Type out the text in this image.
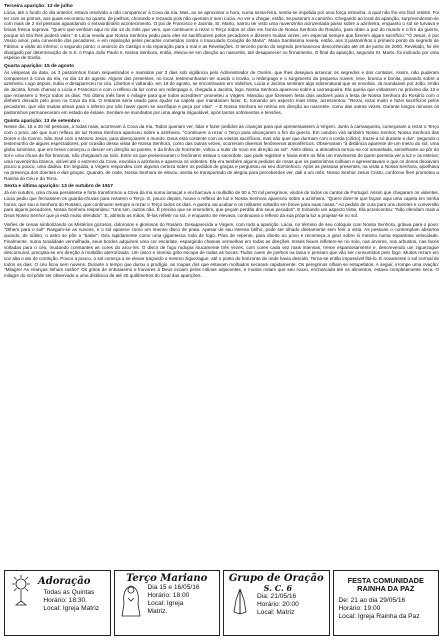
Terceira aparição: 13 de julho

Lúcia, até o fundo do dia anterior, estava resolvida a não comparecer à Cova da Iria. Mas, ao se aproximar a hora, numa sexta-feira, sentiu-se impelida por uma força estranha, à qual não lhe era fácil resistir. Foi ter com os primos, aos quais encontrou no quarto, de joelhos, chorando e rezando pois não queriam ir sem Lúcia. Ao ver a chegar, então, se puseram a caminho. Chegando ao local da aparição, surpreenderam-se com mais de 2 mil pessoas aguardando o extraordinário acontecimento. O pai de Francisco e Jacinta, Sr. Marto, narrou ter visto uma nuvenzinha acinzentada pairar sobre a azinheira, enquanto o sol se turvava e brisas fresca soprava. "Quero que venham aqui no dia 13 do mês que vem, que continuem a rezar o Terço todos os dias em honra de Nossa Senhora do Rosário, para obter a paz do mundo e o fim da guerra, porque só Ela lhes poderá valer." E Lúcia revela que Nossa Senhora pediu para eles se sacrificarem pelos pecadores e dizerem muitas vezes, em especial sempre que fizerem algum sacrifício: "Ó Jesus, é por Vosso amor, pela conversão dos pecadores, e em reparação pelos pecados cometidos contra o Imaculado Coração de Maria". Maria Santíssima revela, então, aos 3 pastorinhos o primeiro ponto do segredo de Fátima: a visão do inferno; o segundo ponto: o anúncio do Castigo e da reparação para o mal e as Revelações. O terceiro ponto do segredo permaneceu desconhecido até 26 de junho de 2000. Revelado, foi ele divulgado por determinação de S.S. o Papa João Paulo II. Nossa Senhora, então, elevou-se em direção ao nascente, até desaparecer no firmamento. O final da aparição, segundo Sr. Marto, foi indicado por uma espécie de trovão.

Quarta aparição: 15 de agosto

Às vésperas da data, os 3 pastorinhos foram sequestrados e mantidos por 3 dias sob vigilância pelo Administrador de Ourém, que lhes desejava arrancar os segredos e dos contatos. Assim, não puderam comparecer à Cova da Iria, no dia 13 de agosto. Alguns dos presentes, no local, testemunharam ter ouvido o trovão, o relâmpago e o surgimento da pequena nuvem, leve, branca e bonita, pairando sobre a azinheira. Logo depois, subiu e desapareceu no céu. Libertos e voltando, em 19 de agosto, se encontravam em Valinhos, Lúcia e Jacinta sentiram algo sobrenatural que os envolvia. Já mandaram por João, irmão de Jacinta, foram chamar a Lúcia e Francisco e com o reflexo da luz como um relâmpago e, chegada a Jacinta, logo, Nossa Senhora apareceu sobre a carrasqueira. Ela queria que voltassem no próximo dia 13 e que rezassem o Terço todos os dias. "No último mês farei o milagre para que todos acreditem" prometeu a Virgem. Mandou que fizessem festa dois andores para a festa de Nossa Senhora do Rosário com o dinheiro deixado pelo povo na Cova da Iria. O restante seria usado para ajudar na capela que mandariam fazer. E, tomando um aspecto mais triste, acrescentou: "Rezai, rezai muito e fazei sacrifícios pelos pecadores, que vão muitas almas para o inferno por não haver quem se sacrifique e peça por elas". – E Nossa Senhora se retirou em direção ao nascente, como das outras vezes. Durante longos minutos os pastorinhos permaneceram em estado de êxtase. Sentiam-se inundados por uma alegria inigualável, após tantos sofrimentos e tensões.

Quinta aparição: 13 de setembro

Nesse dia, 15 a 20 mil pessoas, a todas mais, acorreram à Cova da Iria. Todos queriam ver, falar e fazer pedidos às crianças para que apresentassem à Virgem. Junto à carrasqueira, começaram a rezar o Terço com o povo, até que num reflexo de luz Nossa Senhora apareceu sobre a azinheira. "Continuem a rezar o Terço para alcançarem o fim da guerra. Em outubro virá também Nosso Senhor, Nossa Senhora das Dores e do Carmo, São José com o Menino Jesus, para abençoarem o mundo. Deus está contente com os vossos sacrifícios, mas não quer que durmam com a corda (cilício), trazei-a só durante o dia". Segundo o testemunho de alguns espectadores, por ocasião dessa visita de Nossa Senhora, como das outras vezes, ocorreram diversos fenômenos atmosféricos. Observaram "à distância aparente de um metro do sol, uma globo luminoso, que em breve começou a descer em direção ao poente, e da linha do horizonte, voltou a subir de novo em direção ao sol". Além disso, a atmosfera tornou-se cor amarelada, semelhante ao pôr do sol e uma chuva de flor brancas, não chegavam ao solo. Entre os que presenciaram o fenômeno estava o sacerdote, que pode registrar e havia entre os fiéis um movimento de quem permitia ver a luz e os esteios; uma nuvenzinha branca, visível até o extremo da Cova, envolvia a azinheira e aparecia os videntes. Ela era também alguns pedidos de rosas que os pastorinhos colhiam e apresentavam e que os donos deixavam pouco a pouco, uma dádiva. Em seguida, a Virgem respondeu com alguma certeza sobre os pedidos de graças e perguntou ao seu dorminhoco. Após as pessoas presentes, na visita a Nossa Senhora, ajoelhava na presença dos doentes e das graças. Quando, de noite, Nossa Senhora se elevou, sentia se transportado de alegria para perceberdes ver, dali a um mês, Nosso Senhor Jesus Cristo, conforme lhes prometeu a Rainha do Céu e da Terra.

Sexta e última aparição: 13 de outubro de 1917

Já em outubro, uma chuva persistente e forte transformou a Cova da Iria numa lamaçal e encharcava a multidão de 50 a 70 mil peregrinos, vindos de todos os cantos de Portugal. Assim que chegaram os videntes, Lúcia pediu que fechassem os guarda-chuvas para rezarem o Terço. E, pouco depois, houve o reflexo de luz e Nossa Senhora apareceu sobre a azinheira. "Quero dizer-te que façam aqui uma capela em minha honra, que sou a Senhora do Rosário, que continuem sempre a rezar o Terço todos os dias. A guerra vai acabar e os militares voltarão em breve para suas casas." Ao pedido de cura para uns doentes e conversão para alguns pecadores, Nossa Senhora respondeu: "Uns sim, outros não. É preciso que se emendem, que peçam perdão dos seus pecados". E tomando um aspecto triste, Ela acrescentou: "Não ofendam mais a Deus Nosso Senhor que já está muito ofendido". E, abrindo as mãos, fê-las refletir no sol, e enquanto Se elevava, continuava o reflexo da sua própria luz a projetar-se no sol.

Visões de cenas simbolizando os Mistérios gozosos, dolorosos e gloriosos do Rosário. Desaparecida a Virgem, com todo a aparição. Lúcia, no término de seu colóquio com Nossa Senhora, gritava para o povo: "Olhem para o sol!" Rasgam-se as nuvens, e o sol aparece como um imenso disco de prata. Apesar de seu intenso brilho, pode ser olhado diretamente sem ferir a vista. As pessoas o contemplam absortos quando, de súbito, o astro se pôe a "bailar". Gira rapidamente como uma gigantesca roda de fogo. Pára de repente, para direito ao povo e recomeça a girar sobre si mesmo numa espantosa velocidade. Finalmente, numa tonalidade vermelhada, seus bordos adquirem uma cor escarlate, espargindo chamas vermelhas em todas as direções. Esses feixes refletem-se no solo, nas árvores, nos arbustos, nas faces voltadas para o céu, mudando constantes as cores do arco-íris. O disco de fogo rodopia loucamente três vezes, com cores cada vez mais intensas, treme espantosamente e, descrevendo um ziguezague descomunal, precipita-se em direção à multidão aterrorizada. Um único e imenso grito escapa de todas as bocas. Todos caem de joelhos na lama e pensam que vão ser consumidos pelo fogo. Muitos rezam em voz alta o ato de contrição. Pouco a pouco, o sol começa a se elevar traçando o mesmo ziguezague, até o ponto do horizonte de onde havia descido. Torna-se então impossível fitá-lo. É novamente o sol normal de todos os dias. O céu ficou sem nuvens. Durante o tempo que durou o prodígio, as roupas dos que estavam molhados secaram rapidamente. Os peregrinos olham-se estupefatos. A seguir, irrompe uma ovação: "Milagre! As crianças tinham razão!" Os gritos de entusiasmo e louvores à Deus ecoam pelos colinas adjacentes, e muitos notam que seu rouxo, encharcada até os alimentos, estava completamente seca. O milagre do sol pôde ser observado a uma distância de até 40 quilômetros do local das aparições.

Adoração
Todas as Quintas
Horário: 18:30.
Local: Igreja Matriz
Terço Mariano
Dia 15 e 16/05/16
Horário: 18:00
Local: Igreja
Matriz.
Grupo de Oração
S. C. 6
Dia: 21/05/16
Horário: 20:00
Local: Matriz
FESTA COMUNIDADE
RAINHA DA PAZ
De: 21 ao dia 29/05/16
Horário: 19:00
Local: Igreja Rainha da Paz
